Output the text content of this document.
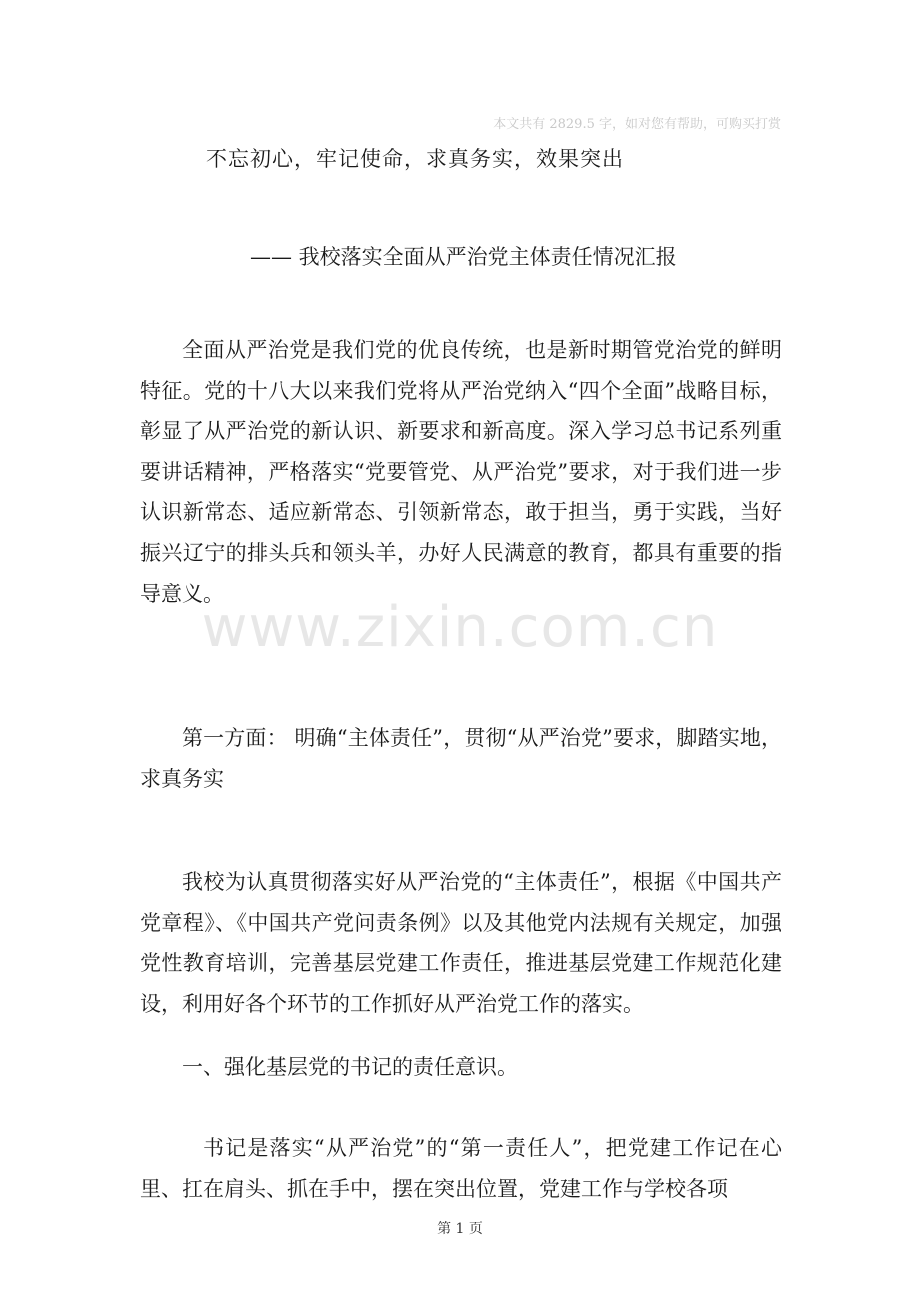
本文共有 2829.5 字，如对您有帮助，可购买打赏
不忘初心，牢记使命，求真务实，效果突出
—— 我校落实全面从严治党主体责任情况汇报

全面从严治党是我们党的优良传统，也是新时期管党治党的鲜明特征。党的十八大以来我们党将从严治党纳入“四个全面”战略目标，彰显了从严治党的新认识、新要求和新高度。深入学习总书记系列重要讲话精神，严格落实“党要管党、从严治党”要求，对于我们进一步认识新常态、适应新常态、引领新常态，敢于担当，勇于实践，当好振兴辽宁的排头兵和领头羊，办好人民满意的教育，都具有重要的指导意义。

第一方面： 明确“主体责任”，贯彻“从严治党”要求，脚踏实地，求真务实

我校为认真贯彻落实好从严治党的“主体责任”，根据《中国共产党章程》、《中国共产党问责条例》以及其他党内法规有关规定，加强党性教育培训，完善基层党建工作责任，推进基层党建工作规范化建设，利用好各个环节的工作抓好从严治党工作的落实。

一、强化基层党的书记的责任意识。

书记是落实“从严治党”的“第一责任人”，把党建工作记在心里、扛在肩头、抓在手中，摆在突出位置，党建工作与学校各项

www.zixin.com.cn
第 1 页
